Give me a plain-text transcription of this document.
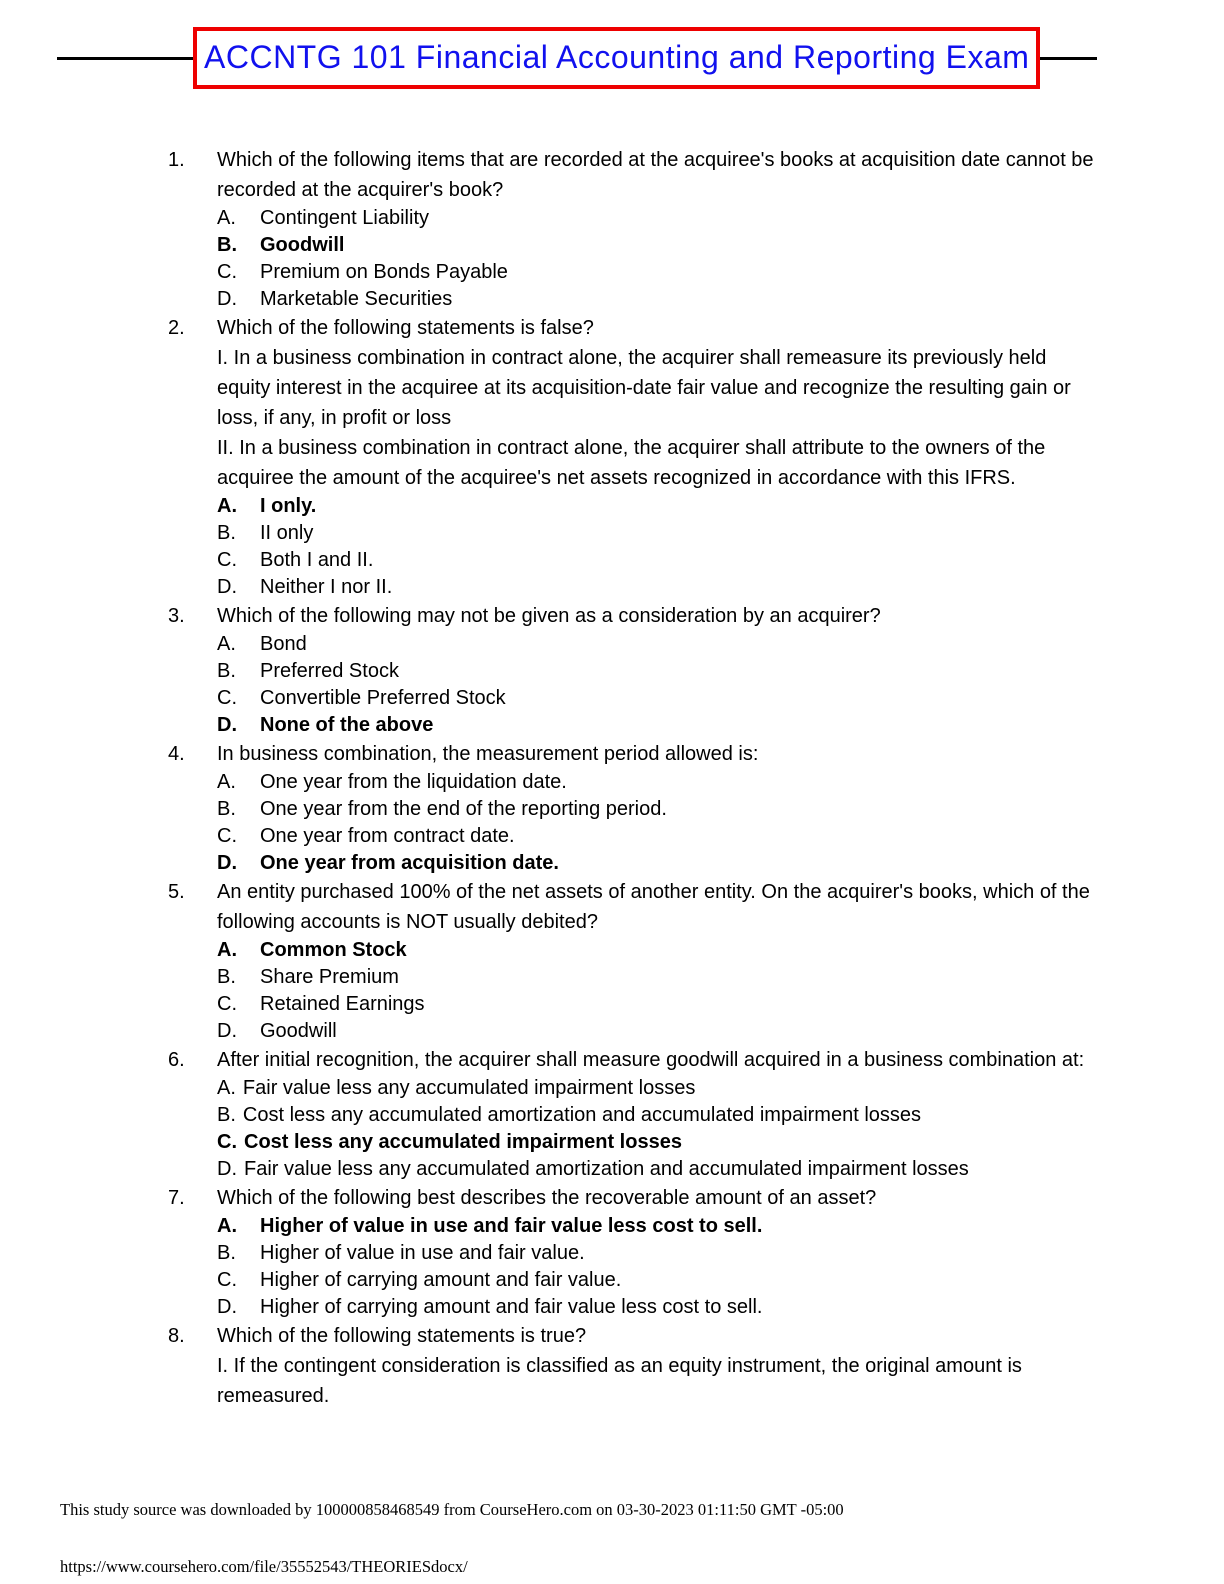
ACCNTG 101 Financial Accounting and Reporting Exam
1.	Which of the following items that are recorded at the acquiree's books at acquisition date cannot be recorded at the acquirer's book?
A.	Contingent Liability
B.	Goodwill
C.	Premium on Bonds Payable
D.	Marketable Securities
2.	Which of the following statements is false?
I. In a business combination in contract alone, the acquirer shall remeasure its previously held equity interest in the acquiree at its acquisition-date fair value and recognize the resulting gain or loss, if any, in profit or loss
II. In a business combination in contract alone, the acquirer shall attribute to the owners of the acquiree the amount of the acquiree's net assets recognized in accordance with this IFRS.
A.	I only.
B.	II only
C.	Both I and II.
D.	Neither I nor II.
3.	Which of the following may not be given as a consideration by an acquirer?
A.	Bond
B.	Preferred Stock
C.	Convertible Preferred Stock
D.	None of the above
4.	In business combination, the measurement period allowed is:
A.	One year from the liquidation date.
B.	One year from the end of the reporting period.
C.	One year from contract date.
D.	One year from acquisition date.
5.	An entity purchased 100% of the net assets of another entity. On the acquirer's books, which of the following accounts is NOT usually debited?
A.	Common Stock
B.	Share Premium
C.	Retained Earnings
D.	Goodwill
6.	After initial recognition, the acquirer shall measure goodwill acquired in a business combination at:
A. Fair value less any accumulated impairment losses
B. Cost less any accumulated amortization and accumulated impairment losses
C. Cost less any accumulated impairment losses
D. Fair value less any accumulated amortization and accumulated impairment losses
7.	Which of the following best describes the recoverable amount of an asset?
A.	Higher of value in use and fair value less cost to sell.
B.	Higher of value in use and fair value.
C.	Higher of carrying amount and fair value.
D.	Higher of carrying amount and fair value less cost to sell.
8.	Which of the following statements is true?
I. If the contingent consideration is classified as an equity instrument, the original amount is remeasured.

This study source was downloaded by 100000858468549 from CourseHero.com on 03-30-2023 01:11:50 GMT -05:00

https://www.coursehero.com/file/35552543/THEORIESdocx/
